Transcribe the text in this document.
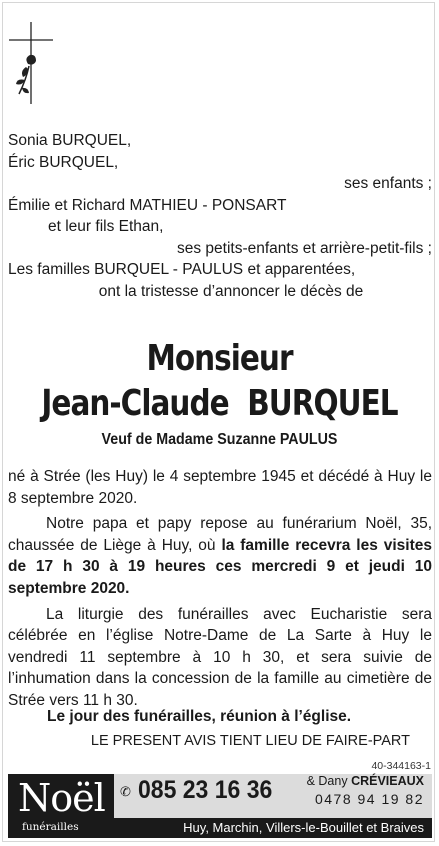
Sonia BURQUEL,
Éric BURQUEL,
ses enfants ;
Émilie et Richard MATHIEU - PONSART
et leur fils Ethan,
ses petits-enfants et arrière-petit-fils ;
Les familles BURQUEL - PAULUS et apparentées,
ont la tristesse d’annoncer le décès de
Monsieur
Jean-Claude  BURQUEL
Veuf de Madame Suzanne PAULUS

né à Strée (les Huy) le 4 septembre 1945 et décédé à Huy le 8 septembre 2020.

Notre papa et papy repose au funérarium Noël, 35, chaussée de Liège à Huy, où la famille recevra les visites de 17 h 30 à 19 heures ces mercredi 9 et jeudi 10 septembre 2020.

La liturgie des funérailles avec Eucharistie sera célébrée en l’église Notre-Dame de La Sarte à Huy le vendredi 11 septembre à 10 h 30, et sera suivie de l’inhumation dans la concession de la famille au cimetière de Strée vers 11 h 30.

Le jour des funérailles, réunion à l’église.
LE PRESENT AVIS TIENT LIEU DE FAIRE-PART
40-344163-1
Noël
funérailles
✆ 085 23 16 36	& Dany CRÉVIEAUX
0478 94 19 82
Huy, Marchin, Villers-le-Bouillet et Braives
